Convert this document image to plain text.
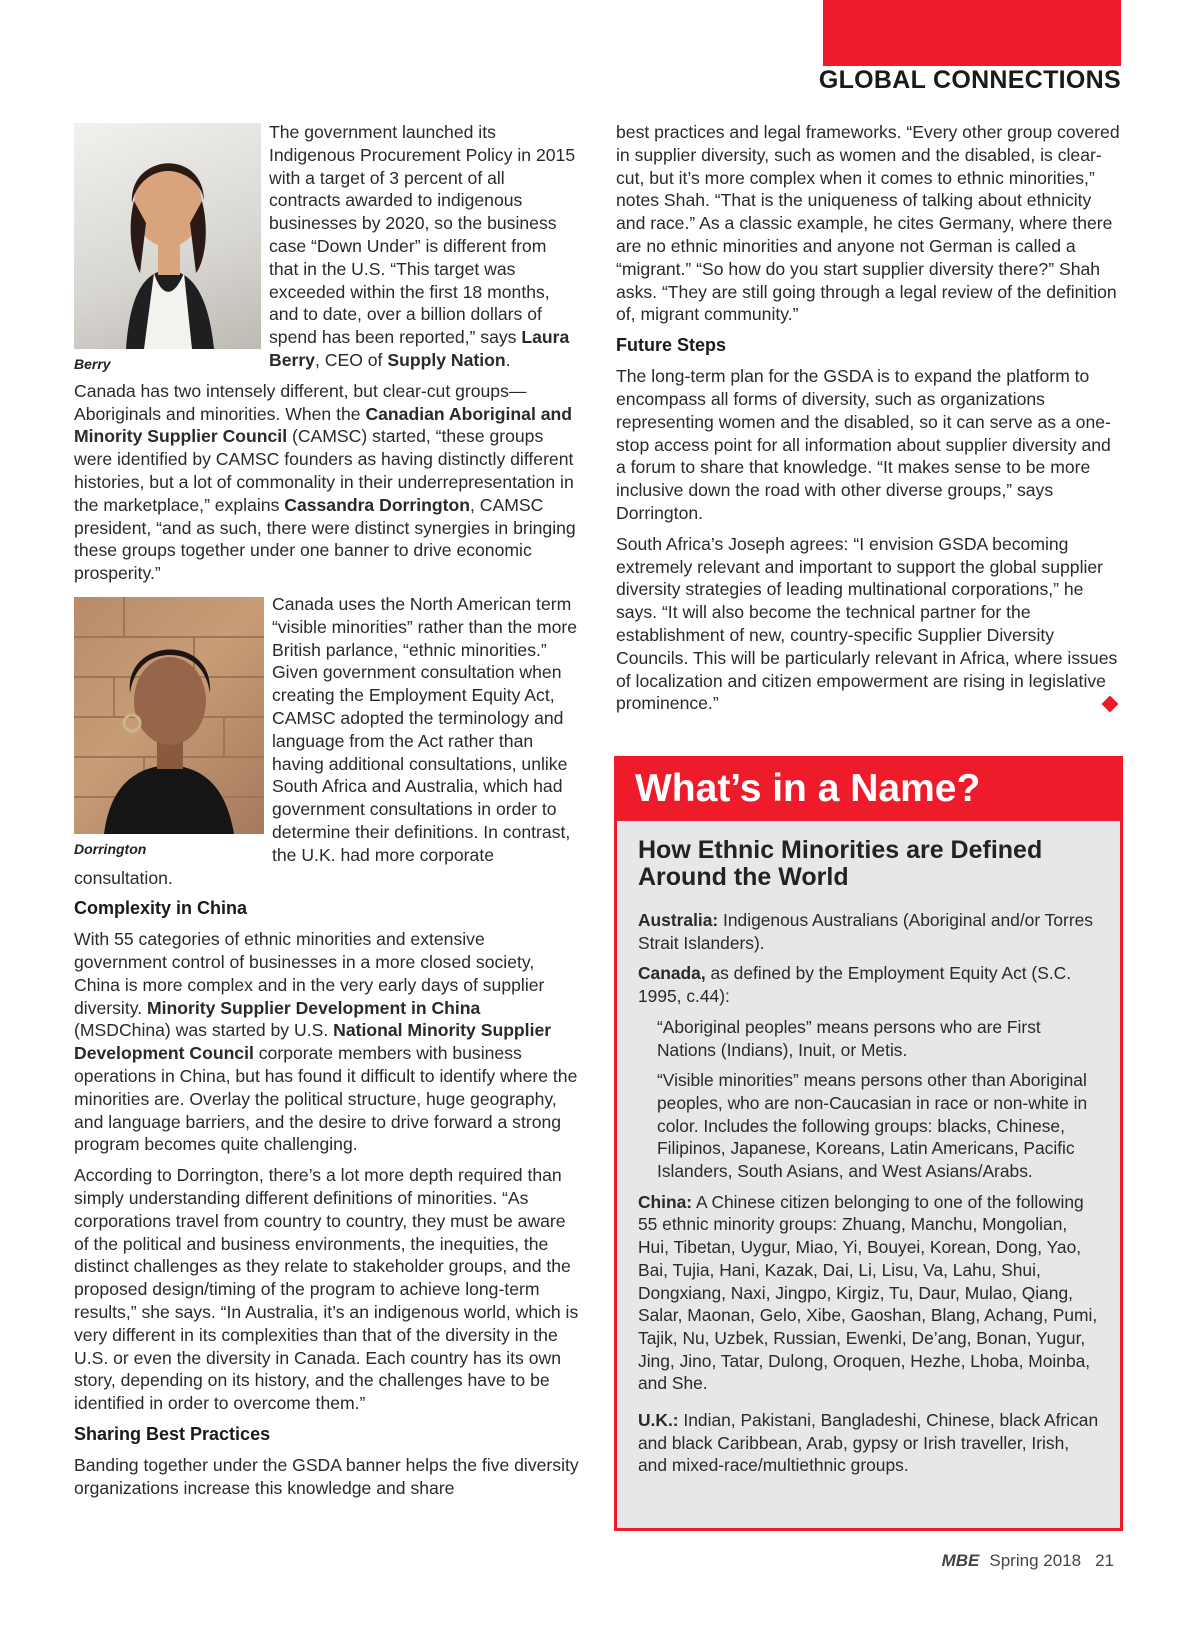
GLOBAL CONNECTIONS
Berry

The government launched its Indigenous Procurement Policy in 2015 with a target of 3 percent of all contracts awarded to indigenous businesses by 2020, so the business case “Down Under” is different from that in the U.S. “This target was exceeded within the first 18 months, and to date, over a billion dollars of spend has been reported,” says Laura Berry, CEO of Supply Nation.

Canada has two intensely different, but clear-cut groups—Aboriginals and minorities. When the Canadian Aboriginal and Minority Supplier Council (CAMSC) started, “these groups were identified by CAMSC founders as having distinctly different histories, but a lot of commonality in their underrepresentation in the marketplace,” explains Cassandra Dorrington, CAMSC president, “and as such, there were distinct synergies in bringing these groups together under one banner to drive economic prosperity.”

Dorrington

Canada uses the North American term “visible minorities” rather than the more British parlance, “ethnic minorities.” Given government consultation when creating the Employment Equity Act, CAMSC adopted the terminology and language from the Act rather than having additional consultations, unlike South Africa and Australia, which had government consultations in order to determine their definitions. In contrast, the U.K. had more corporate consultation.

Complexity in China

With 55 categories of ethnic minorities and extensive government control of businesses in a more closed society, China is more complex and in the very early days of supplier diversity. Minority Supplier Development in China (MSDChina) was started by U.S. National Minority Supplier Development Council corporate members with business operations in China, but has found it difficult to identify where the minorities are. Overlay the political structure, huge geography, and language barriers, and the desire to drive forward a strong program becomes quite challenging.

According to Dorrington, there’s a lot more depth required than simply understanding different definitions of minorities. “As corporations travel from country to country, they must be aware of the political and business environments, the inequities, the distinct challenges as they relate to stakeholder groups, and the proposed design/timing of the program to achieve long-term results,” she says. “In Australia, it’s an indigenous world, which is very different in its complexities than that of the diversity in the U.S. or even the diversity in Canada. Each country has its own story, depending on its history, and the challenges have to be identified in order to overcome them.”

Sharing Best Practices

Banding together under the GSDA banner helps the five diversity organizations increase this knowledge and share

best practices and legal frameworks. “Every other group covered in supplier diversity, such as women and the disabled, is clear-cut, but it’s more complex when it comes to ethnic minorities,” notes Shah. “That is the uniqueness of talking about ethnicity and race.” As a classic example, he cites Germany, where there are no ethnic minorities and anyone not German is called a “migrant.” “So how do you start supplier diversity there?” Shah asks. “They are still going through a legal review of the definition of, migrant community.”

Future Steps

The long-term plan for the GSDA is to expand the platform to encompass all forms of diversity, such as organizations representing women and the disabled, so it can serve as a one-stop access point for all information about supplier diversity and a forum to share that knowledge. “It makes sense to be more inclusive down the road with other diverse groups,” says Dorrington.

South Africa’s Joseph agrees: “I envision GSDA becoming extremely relevant and important to support the global supplier diversity strategies of leading multinational corporations,” he says. “It will also become the technical partner for the establishment of new, country-specific Supplier Diversity Councils. This will be particularly relevant in Africa, where issues of localization and citizen empowerment are rising in legislative prominence.”

What’s in a Name?
How Ethnic Minorities are Defined Around the World

Australia: Indigenous Australians (Aboriginal and/or Torres Strait Islanders).

Canada, as defined by the Employment Equity Act (S.C. 1995, c.44):

“Aboriginal peoples” means persons who are First Nations (Indians), Inuit, or Metis.

“Visible minorities” means persons other than Aboriginal peoples, who are non-Caucasian in race or non-white in color. Includes the following groups: blacks, Chinese, Filipinos, Japanese, Koreans, Latin Americans, Pacific Islanders, South Asians, and West Asians/Arabs.

China: A Chinese citizen belonging to one of the following 55 ethnic minority groups: Zhuang, Manchu, Mongolian, Hui, Tibetan, Uygur, Miao, Yi, Bouyei, Korean, Dong, Yao, Bai, Tujia, Hani, Kazak, Dai, Li, Lisu, Va, Lahu, Shui, Dongxiang, Naxi, Jingpo, Kirgiz, Tu, Daur, Mulao, Qiang, Salar, Maonan, Gelo, Xibe, Gaoshan, Blang, Achang, Pumi, Tajik, Nu, Uzbek, Russian, Ewenki, De’ang, Bonan, Yugur, Jing, Jino, Tatar, Dulong, Oroquen, Hezhe, Lhoba, Moinba, and She.

U.K.: Indian, Pakistani, Bangladeshi, Chinese, black African and black Caribbean, Arab, gypsy or Irish traveller, Irish, and mixed-race/multiethnic groups.

MBE Spring 2018 21
